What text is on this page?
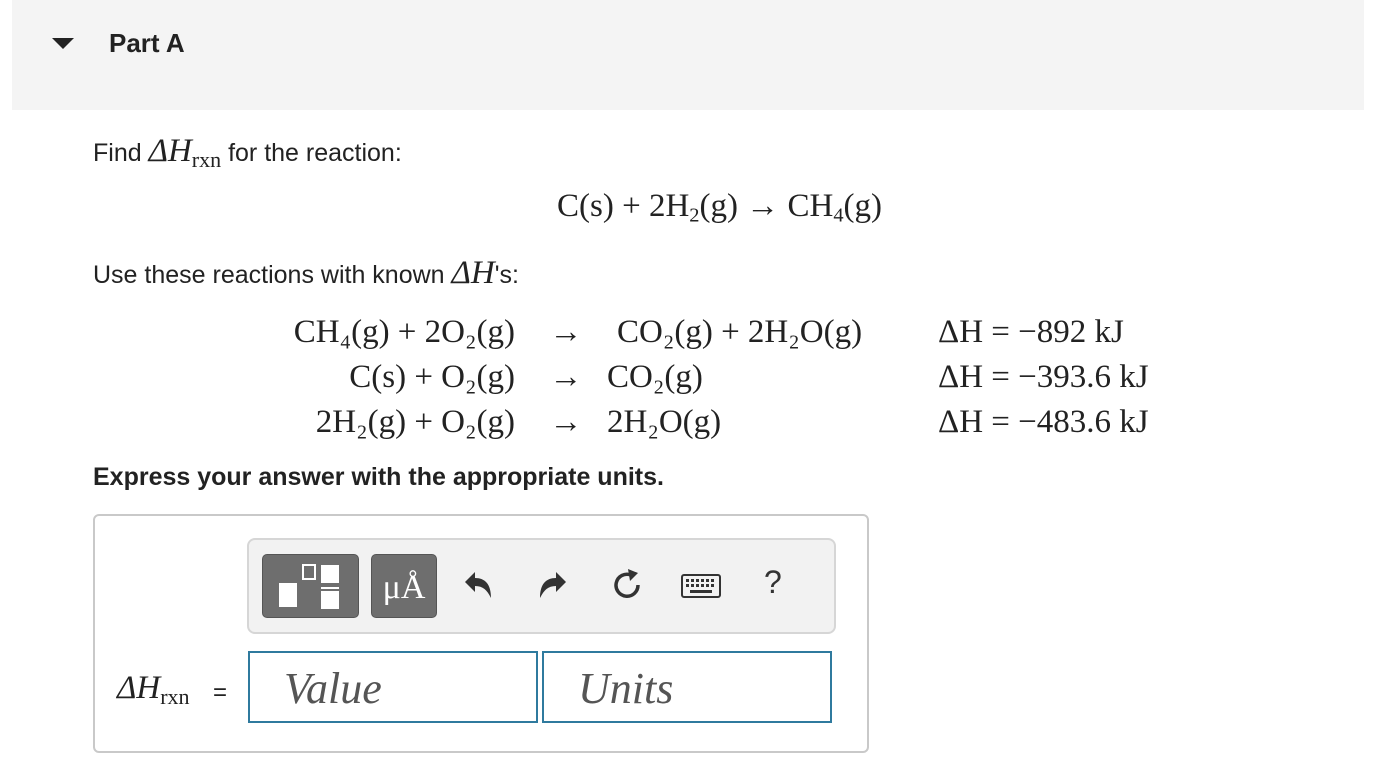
Part A
Find $\Delta H_{rxn}$ for the reaction:
$C(s) + 2H_2(g) \to CH_4(g)$
Use these reactions with known ΔH's:
CH₄(g) + 2O₂(g) → CO₂(g) + 2H₂O(g) ΔH = −892 kJ
C(s) + O₂(g) → CO₂(g)	ΔH = −393.6 kJ
2H₂(g) + O₂(g) → 2H₂O(g)	ΔH = −483.6 kJ
Express your answer with the appropriate units.
μÅ	?
$\Delta H_{rxn}$ = Value	Units
